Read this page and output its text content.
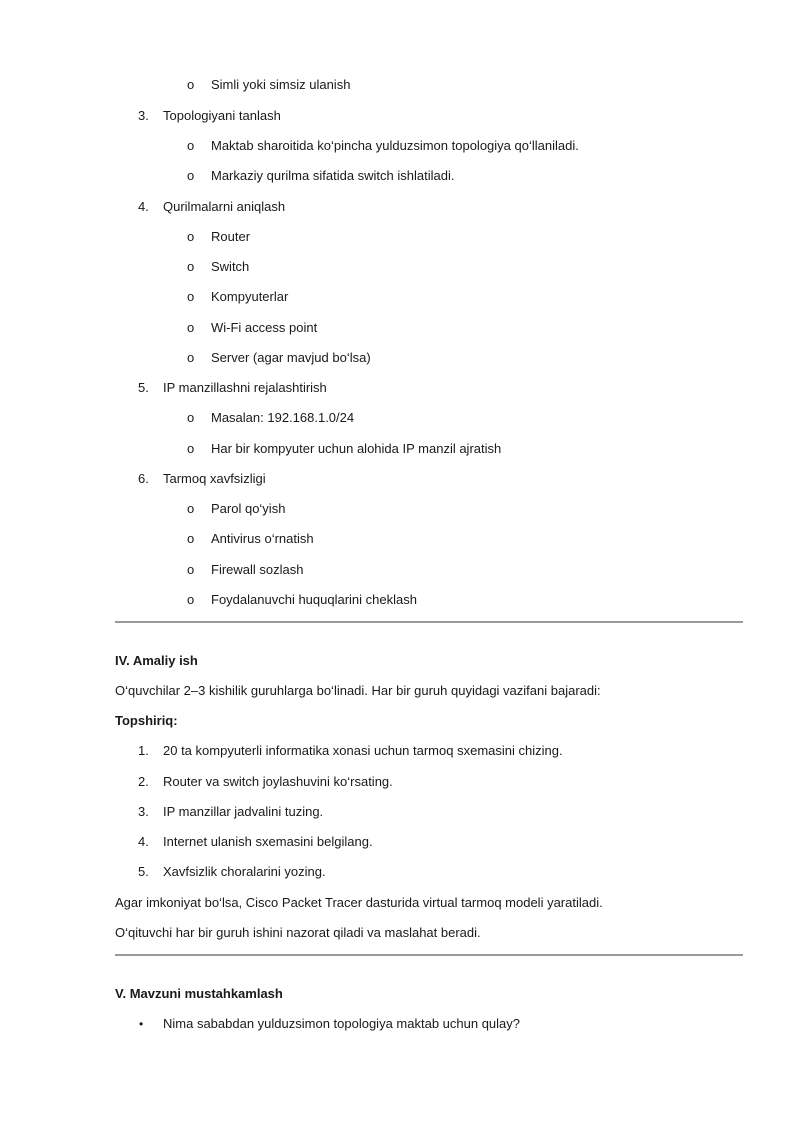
o Simli yoki simsiz ulanish
3. Topologiyani tanlash
o Maktab sharoitida ko‘pincha yulduzsimon topologiya qo‘llaniladi.
o Markaziy qurilma sifatida switch ishlatiladi.
4. Qurilmalarni aniqlash
o Router
o Switch
o Kompyuterlar
o Wi-Fi access point
o Server (agar mavjud bo‘lsa)
5. IP manzillashni rejalashtirish
o Masalan: 192.168.1.0/24
o Har bir kompyuter uchun alohida IP manzil ajratish
6. Tarmoq xavfsizligi
o Parol qo‘yish
o Antivirus o‘rnatish
o Firewall sozlash
o Foydalanuvchi huquqlarini cheklash
IV. Amaliy ish
O‘quvchilar 2–3 kishilik guruhlarga bo‘linadi. Har bir guruh quyidagi vazifani bajaradi:
Topshiriq:
1. 20 ta kompyuterli informatika xonasi uchun tarmoq sxemasini chizing.
2. Router va switch joylashuvini ko‘rsating.
3. IP manzillar jadvalini tuzing.
4. Internet ulanish sxemasini belgilang.
5. Xavfsizlik choralarini yozing.
Agar imkoniyat bo‘lsa, Cisco Packet Tracer dasturida virtual tarmoq modeli yaratiladi.
O‘qituvchi har bir guruh ishini nazorat qiladi va maslahat beradi.
V. Mavzuni mustahkamlash
• Nima sababdan yulduzsimon topologiya maktab uchun qulay?
